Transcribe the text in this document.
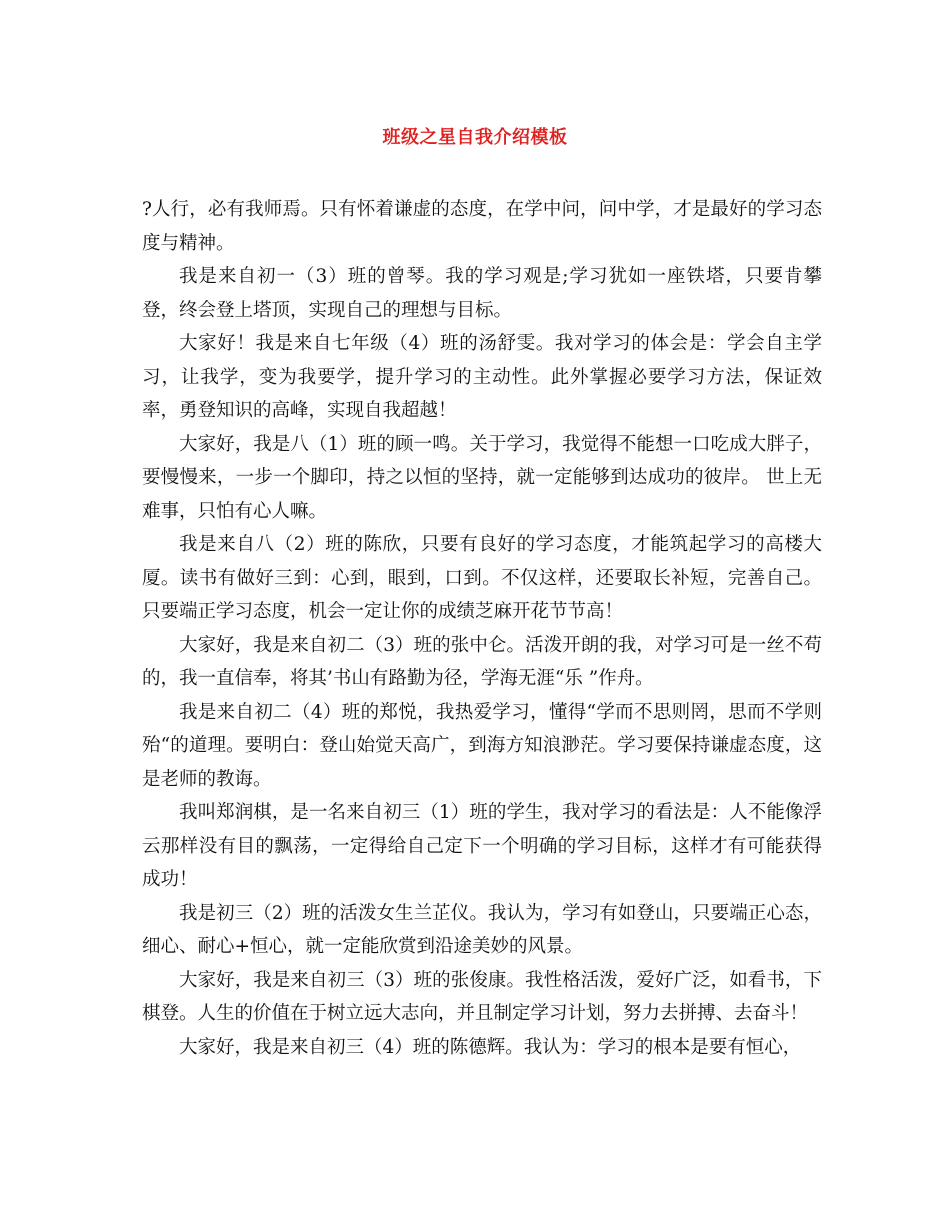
班级之星自我介绍模板

?人行，必有我师焉。只有怀着谦虚的态度，在学中问，问中学，才是最好的学习态度与精神。

我是来自初一（3）班的曾琴。我的学习观是;学习犹如一座铁塔，只要肯攀登，终会登上塔顶，实现自己的理想与目标。

大家好！我是来自七年级（4）班的汤舒雯。我对学习的体会是：学会自主学习，让我学，变为我要学，提升学习的主动性。此外掌握必要学习方法，保证效率，勇登知识的高峰，实现自我超越！

大家好，我是八（1）班的顾一鸣。关于学习，我觉得不能想一口吃成大胖子，要慢慢来，一步一个脚印，持之以恒的坚持，就一定能够到达成功的彼岸。 世上无难事，只怕有心人嘛。

我是来自八（2）班的陈欣，只要有良好的学习态度，才能筑起学习的高楼大厦。读书有做好三到：心到，眼到，口到。不仅这样，还要取长补短，完善自己。只要端正学习态度，机会一定让你的成绩芝麻开花节节高！

大家好，我是来自初二（3）班的张中仑。活泼开朗的我，对学习可是一丝不苟的，我一直信奉，将其’书山有路勤为径，学海无涯“乐 ”作舟。

我是来自初二（4）班的郑悦，我热爱学习，懂得“学而不思则罔，思而不学则殆“的道理。要明白：登山始觉天高广，到海方知浪渺茫。学习要保持谦虚态度，这是老师的教诲。

我叫郑润棋，是一名来自初三（1）班的学生，我对学习的看法是：人不能像浮云那样没有目的飘荡，一定得给自己定下一个明确的学习目标，这样才有可能获得成功！

我是初三（2）班的活泼女生兰芷仪。我认为，学习有如登山，只要端正心态，细心、耐心+恒心，就一定能欣赏到沿途美妙的风景。

大家好，我是来自初三（3）班的张俊康。我性格活泼，爱好广泛，如看书，下棋登。人生的价值在于树立远大志向，并且制定学习计划，努力去拼搏、去奋斗！

大家好，我是来自初三（4）班的陈德辉。我认为：学习的根本是要有恒心，
